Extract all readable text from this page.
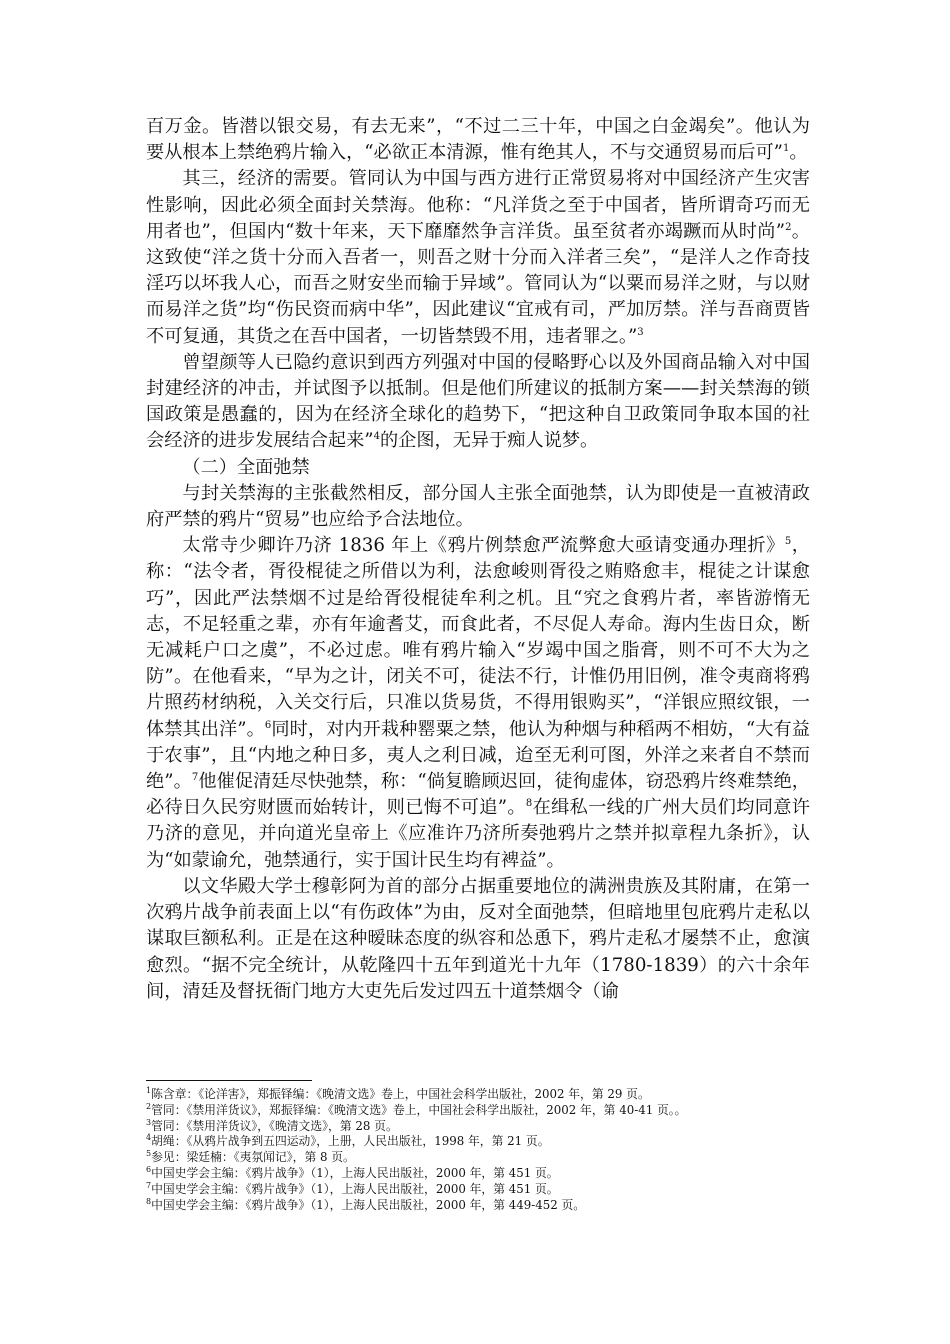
百万金。皆潜以银交易，有去无来”，“不过二三十年，中国之白金竭矣”。他认为要从根本上禁绝鸦片输入，“必欲正本清源，惟有绝其人，不与交通贸易而后可”$^1$。

其三，经济的需要。管同认为中国与西方进行正常贸易将对中国经济产生灾害性影响，因此必须全面封关禁海。他称：“凡洋货之至于中国者，皆所谓奇巧而无用者也”，但国内“数十年来，天下靡靡然争言洋货。虽至贫者亦竭蹶而从时尚”$^2$。这致使“洋之货十分而入吾者一，则吾之财十分而入洋者三矣”，“是洋人之作奇技淫巧以坏我人心，而吾之财安坐而输于异域”。管同认为“以粟而易洋之财，与以财而易洋之货”均“伤民资而病中华”，因此建议“宜戒有司，严加厉禁。洋与吾商贾皆不可复通，其货之在吾中国者，一切皆禁毁不用，违者罪之。”$^3$

曾望颜等人已隐约意识到西方列强对中国的侵略野心以及外国商品输入对中国封建经济的冲击，并试图予以抵制。但是他们所建议的抵制方案——封关禁海的锁国政策是愚蠢的，因为在经济全球化的趋势下，“把这种自卫政策同争取本国的社会经济的进步发展结合起来”$^4$的企图，无异于痴人说梦。

（二）全面弛禁

与封关禁海的主张截然相反，部分国人主张全面弛禁，认为即使是一直被清政府严禁的鸦片“贸易”也应给予合法地位。

太常寺少卿许乃济 1836 年上《鸦片例禁愈严流弊愈大亟请变通办理折》$^5$，称：“法令者，胥役棍徒之所借以为利，法愈峻则胥役之贿赂愈丰，棍徒之计谋愈巧”，因此严法禁烟不过是给胥役棍徒牟利之机。且“究之食鸦片者，率皆游惰无志，不足轻重之辈，亦有年逾耆艾，而食此者，不尽促人寿命。海内生齿日众，断无减耗户口之虞”，不必过虑。唯有鸦片输入“岁竭中国之脂膏，则不可不大为之防”。在他看来，“早为之计，闭关不可，徒法不行，计惟仍用旧例，准令夷商将鸦片照药材纳税，入关交行后，只准以货易货，不得用银购买”，“洋银应照纹银，一体禁其出洋”。$^6$同时，对内开栽种罂粟之禁，他认为种烟与种稻两不相妨，“大有益于农事”，且“内地之种日多，夷人之利日减，迨至无利可图，外洋之来者自不禁而绝”。$^7$他催促清廷尽快弛禁，称：“倘复瞻顾迟回，徒徇虚体，窃恐鸦片终难禁绝，必待日久民穷财匮而始转计，则已悔不可追”。$^8$在缉私一线的广州大员们均同意许乃济的意见，并向道光皇帝上《应准许乃济所奏弛鸦片之禁并拟章程九条折》，认为“如蒙谕允，弛禁通行，实于国计民生均有裨益”。

以文华殿大学士穆彰阿为首的部分占据重要地位的满洲贵族及其附庸，在第一次鸦片战争前表面上以“有伤政体”为由，反对全面弛禁，但暗地里包庇鸦片走私以谋取巨额私利。正是在这种暧昧态度的纵容和怂恿下，鸦片走私才屡禁不止，愈演愈烈。“据不完全统计，从乾隆四十五年到道光十九年（1780-1839）的六十余年间，清廷及督抚衙门地方大吏先后发过四五十道禁烟令（谕

$^1$陈含章：《论洋害》，郑振铎编：《晚清文选》卷上，中国社会科学出版社，2002 年，第 29 页。

$^2$管同：《禁用洋货议》，郑振铎编：《晚清文选》卷上，中国社会科学出版社，2002 年，第 40-41 页。。

$^3$管同：《禁用洋货议》，《晚清文选》，第 28 页。

$^4$胡绳：《从鸦片战争到五四运动》，上册，人民出版社，1998 年，第 21 页。

$^5$参见：梁廷楠：《夷氛闻记》，第 8 页。

$^6$中国史学会主编：《鸦片战争》（1），上海人民出版社，2000 年，第 451 页。

$^7$中国史学会主编：《鸦片战争》（1），上海人民出版社，2000 年，第 451 页。

$^8$中国史学会主编：《鸦片战争》（1），上海人民出版社，2000 年，第 449-452 页。
